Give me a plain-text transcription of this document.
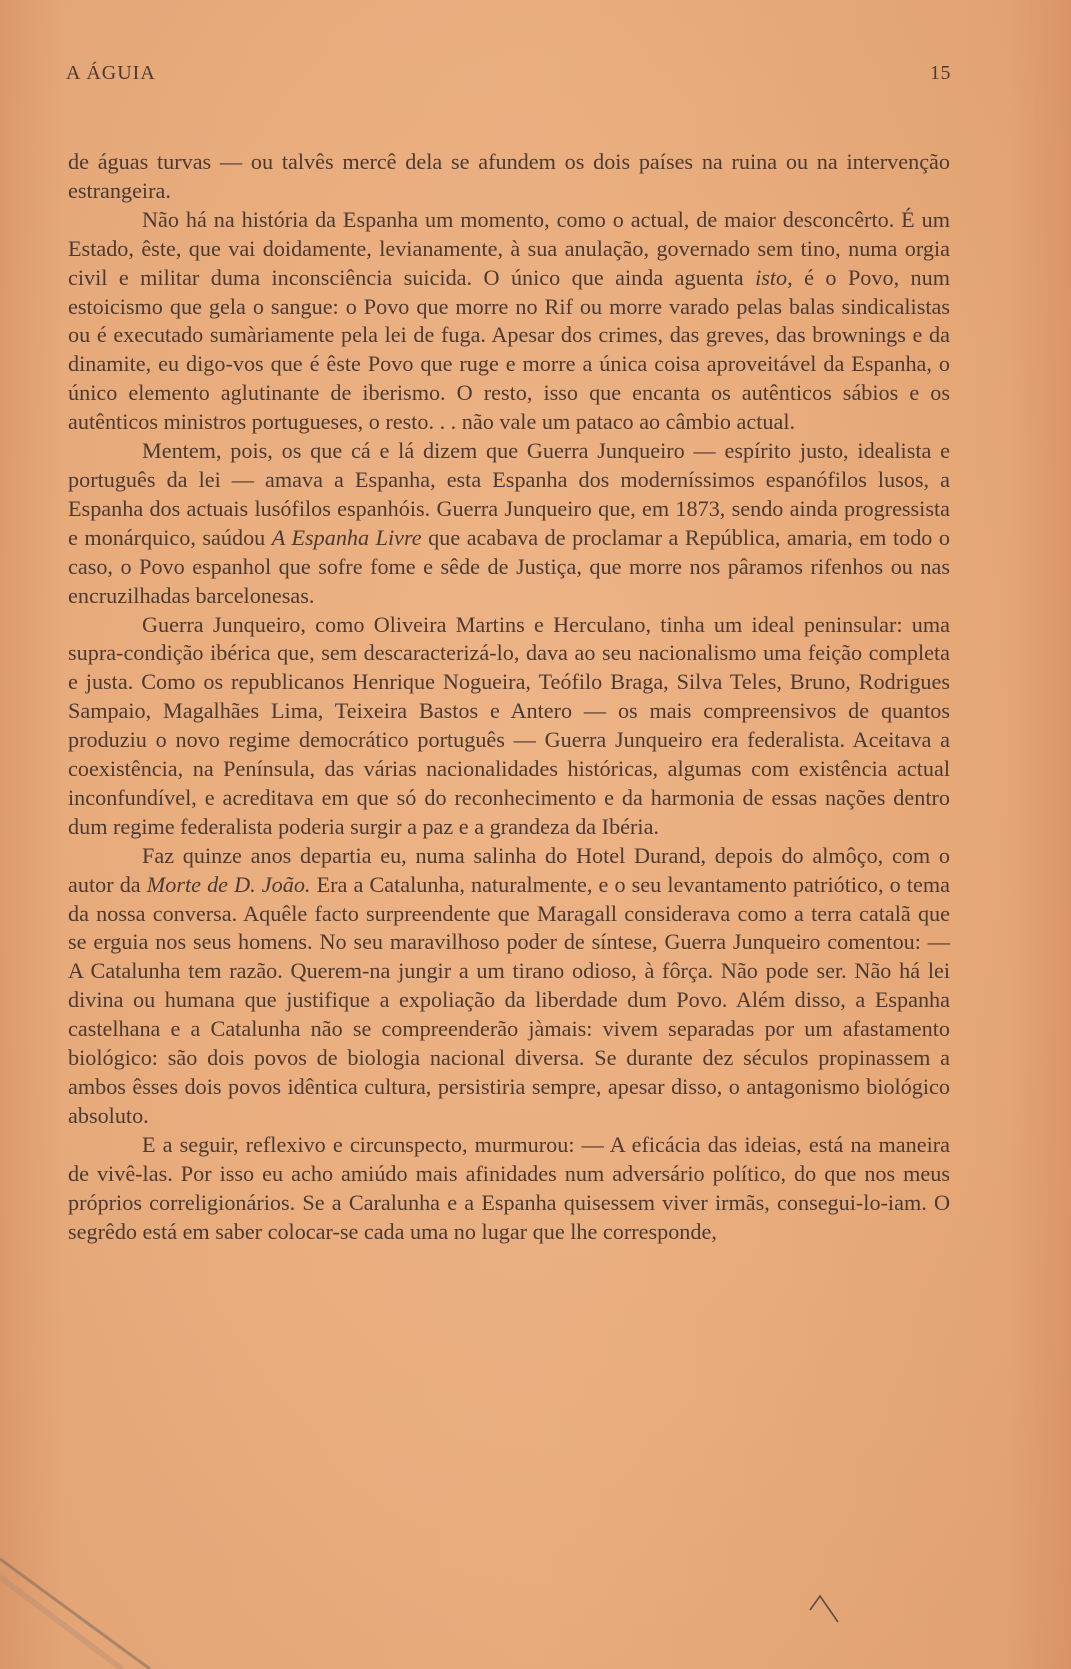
A ÁGUIA	15

de águas turvas — ou talvês mercê dela se afundem os dois países na ruina ou na intervenção estrangeira.

Não há na história da Espanha um momento, como o actual, de maior desconcêrto. É um Estado, êste, que vai doidamente, levianamente, à sua anulação, governado sem tino, numa orgia civil e militar duma inconsciência suicida. O único que ainda aguenta isto, é o Povo, num estoicismo que gela o sangue: o Povo que morre no Rif ou morre varado pelas balas sindicalistas ou é executado sumàriamente pela lei de fuga. Apesar dos crimes, das greves, das brownings e da dinamite, eu digo-vos que é êste Povo que ruge e morre a única coisa aproveitável da Espanha, o único elemento aglutinante de iberismo. O resto, isso que encanta os autênticos sábios e os autênticos ministros portugueses, o resto. . . não vale um pataco ao câmbio actual.

Mentem, pois, os que cá e lá dizem que Guerra Junqueiro — espírito justo, idealista e português da lei — amava a Espanha, esta Espanha dos moderníssimos espanófilos lusos, a Espanha dos actuais lusófilos espanhóis. Guerra Junqueiro que, em 1873, sendo ainda progressista e monárquico, saúdou A Espanha Livre que acabava de proclamar a República, amaria, em todo o caso, o Povo espanhol que sofre fome e sêde de Justiça, que morre nos pâramos rifenhos ou nas encruzilhadas barcelonesas.

Guerra Junqueiro, como Oliveira Martins e Herculano, tinha um ideal peninsular: uma supra-condição ibérica que, sem descaracterizá-lo, dava ao seu nacionalismo uma feição completa e justa. Como os republicanos Henrique Nogueira, Teófilo Braga, Silva Teles, Bruno, Rodrigues Sampaio, Magalhães Lima, Teixeira Bastos e Antero — os mais compreensivos de quantos produziu o novo regime democrático português — Guerra Junqueiro era federalista. Aceitava a coexistência, na Península, das várias nacionalidades históricas, algumas com existência actual inconfundível, e acreditava em que só do reconhecimento e da harmonia de essas nações dentro dum regime federalista poderia surgir a paz e a grandeza da Ibéria.

Faz quinze anos departia eu, numa salinha do Hotel Durand, depois do almôço, com o autor da Morte de D. João. Era a Catalunha, naturalmente, e o seu levantamento patriótico, o tema da nossa conversa. Aquêle facto surpreendente que Maragall considerava como a terra catalã que se erguia nos seus homens. No seu maravilhoso poder de síntese, Guerra Junqueiro comentou: — A Catalunha tem razão. Querem-na jungir a um tirano odioso, à fôrça. Não pode ser. Não há lei divina ou humana que justifique a expoliação da liberdade dum Povo. Além disso, a Espanha castelhana e a Catalunha não se compreenderão jàmais: vivem separadas por um afastamento biológico: são dois povos de biologia nacional diversa. Se durante dez séculos propinassem a ambos êsses dois povos idêntica cultura, persistiria sempre, apesar disso, o antagonismo biológico absoluto.

E a seguir, reflexivo e circunspecto, murmurou: — A eficácia das ideias, está na maneira de vivê-las. Por isso eu acho amiúdo mais afinidades num adversário político, do que nos meus próprios correligionários. Se a Caralunha e a Espanha quisessem viver irmãs, consegui-lo-iam. O segrêdo está em saber colocar-se cada uma no lugar que lhe corresponde,
